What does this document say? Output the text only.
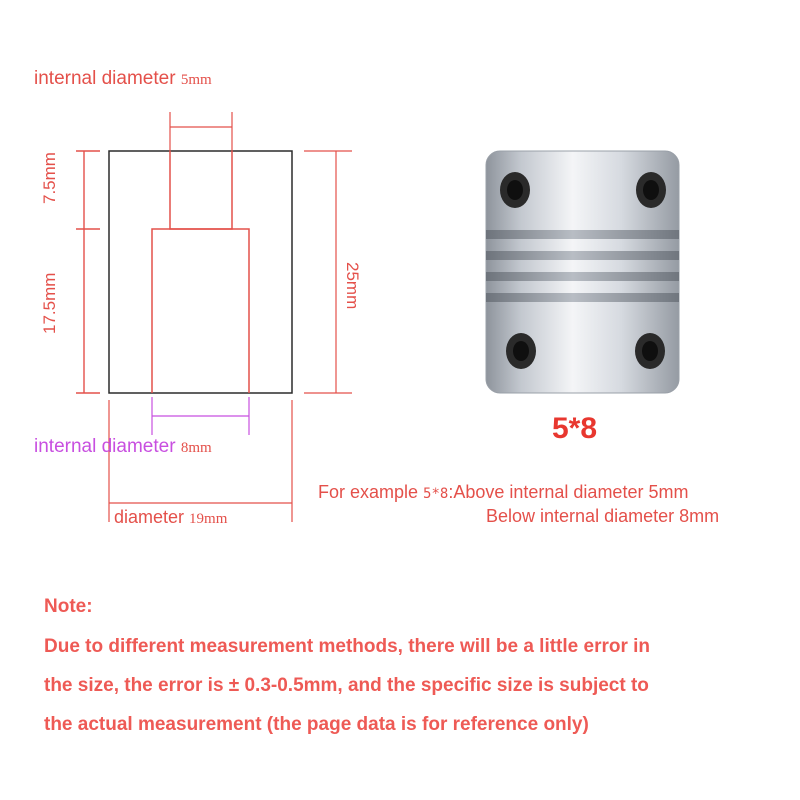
internal diameter 5mm
internal diameter 8mm
diameter 19mm
7.5mm
17.5mm	25mm
5*8
For example 5*8:Above internal diameter 5mm
Below internal diameter 8mm
Note:
Due to different measurement methods, there will be a little error in
the size, the error is ± 0.3-0.5mm, and the specific size is subject to
the actual measurement (the page data is for reference only)
